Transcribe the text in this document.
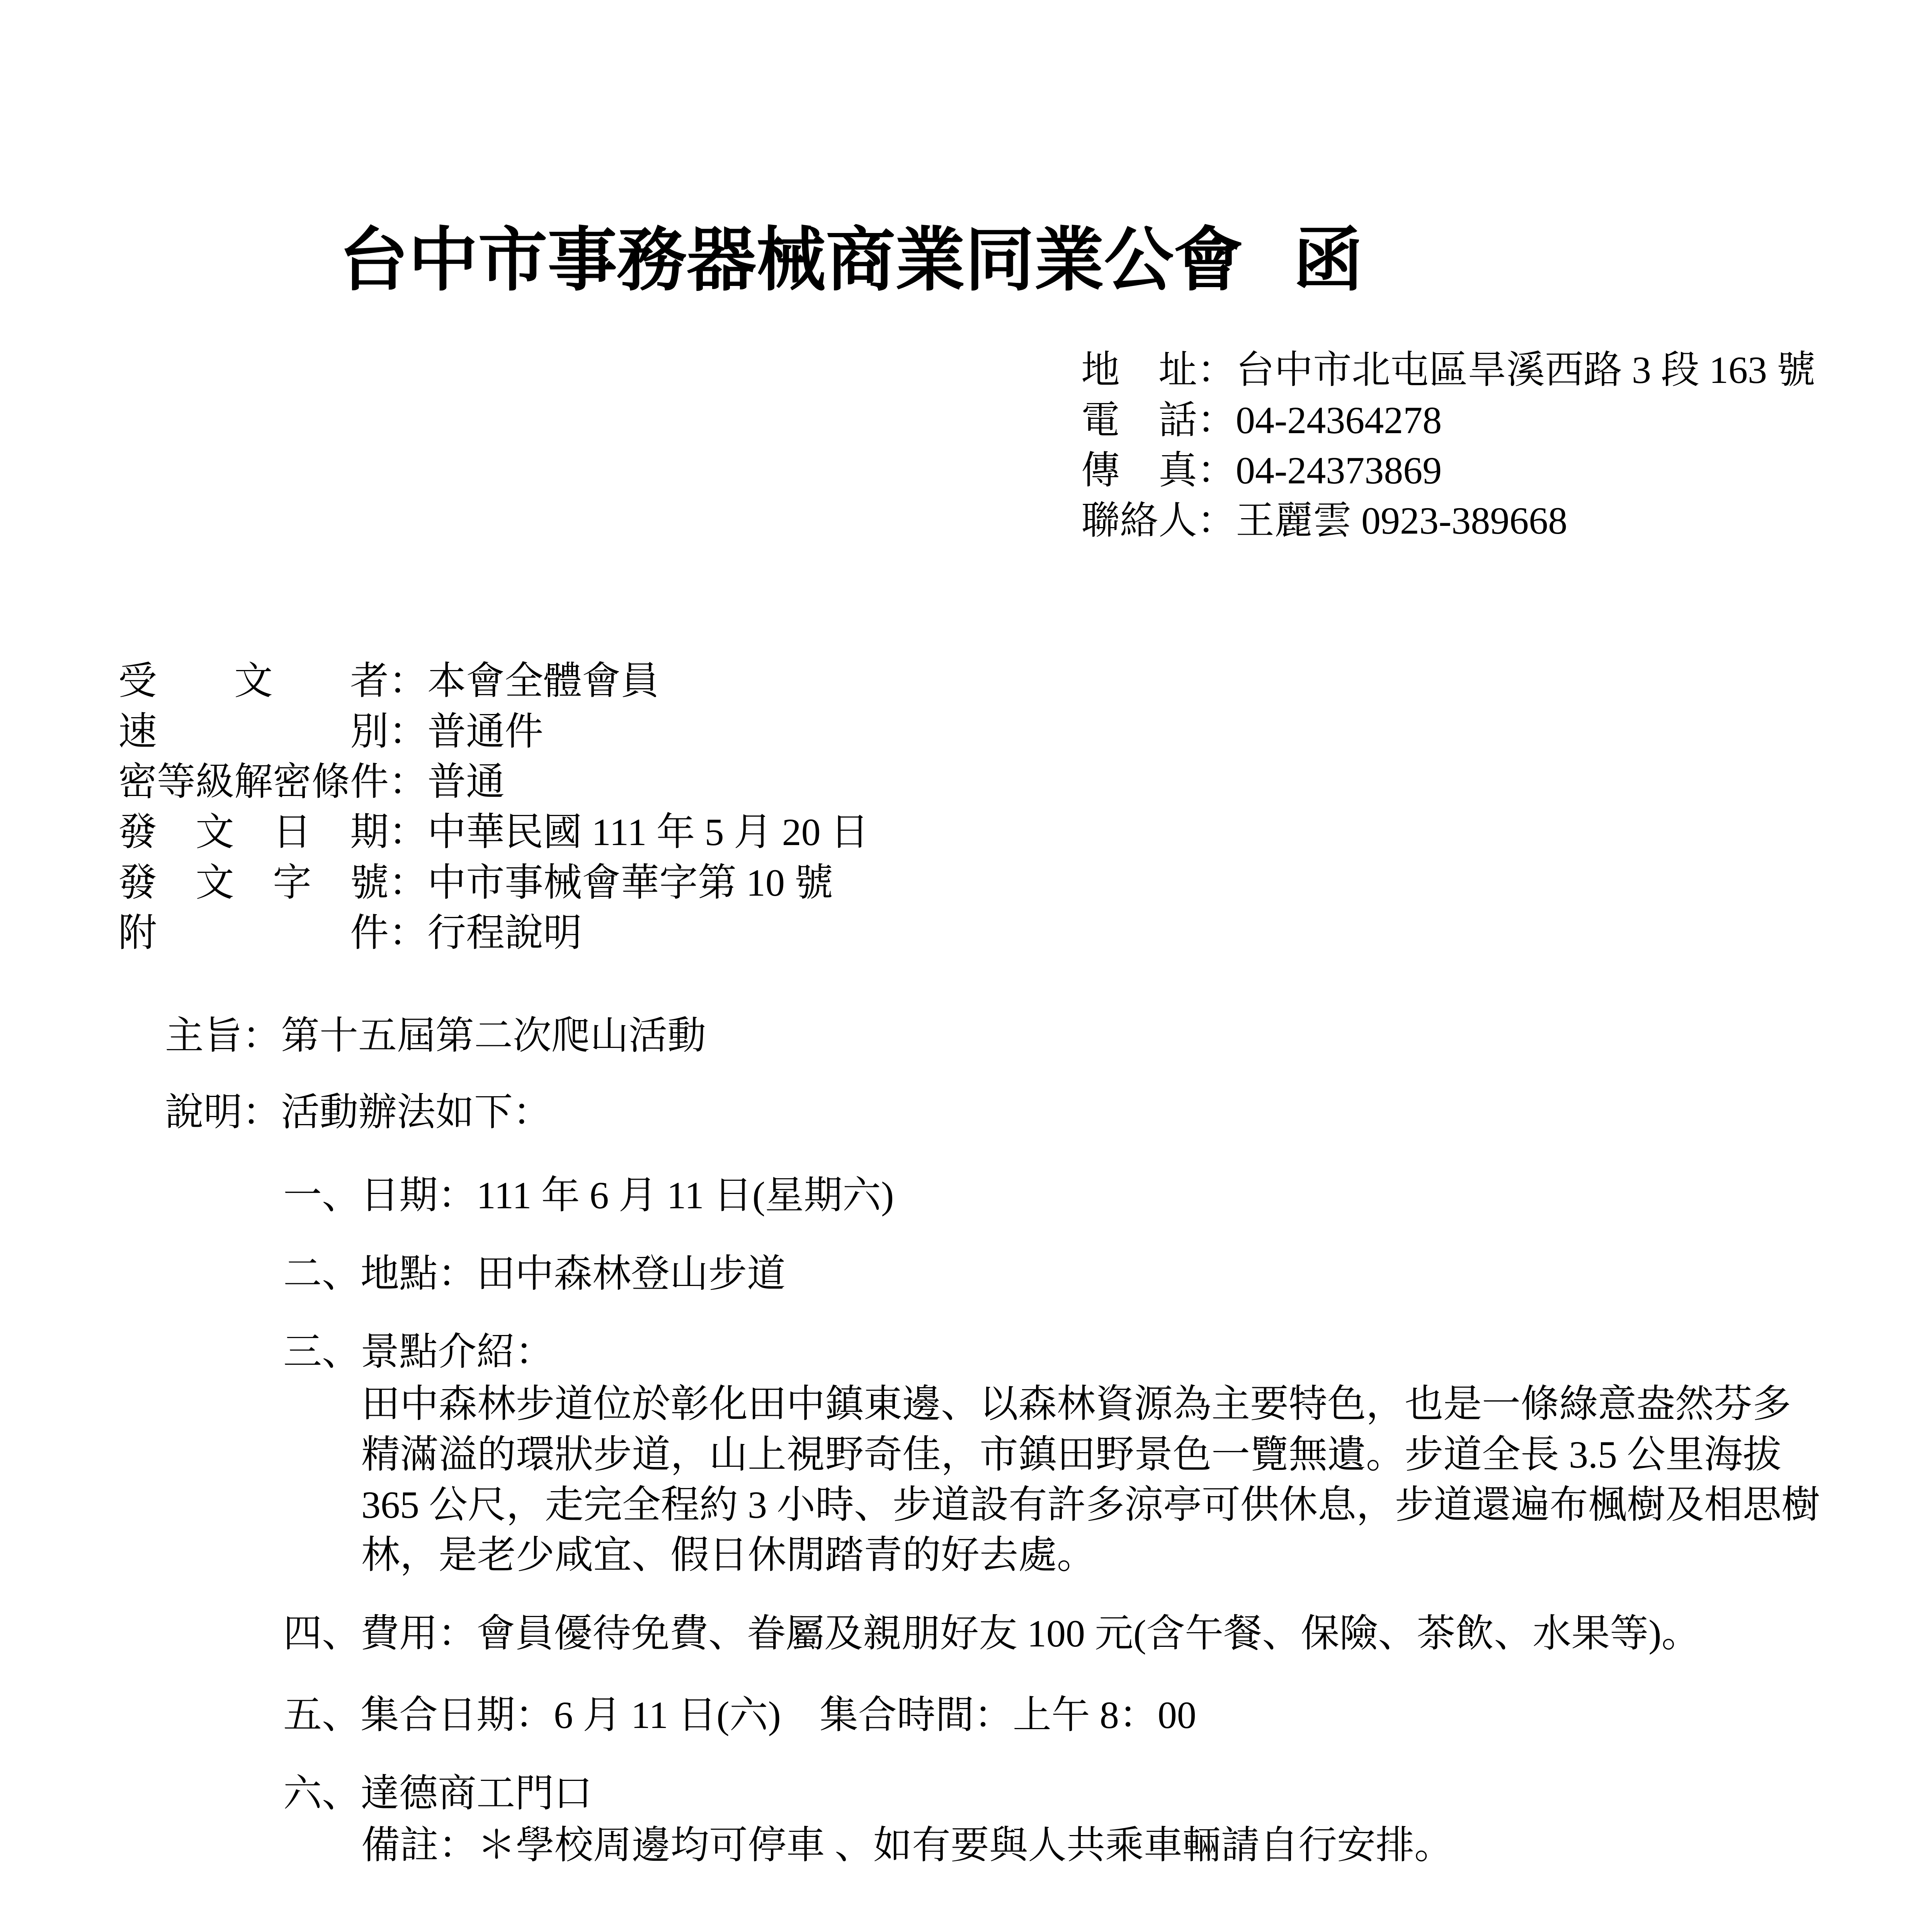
台中市事務器械商業同業公會 函
地　址：台中市北屯區旱溪西路 3 段 163 號
電　話：04-24364278
傳　真：04-24373869
聯絡人：王麗雲 0923-389668
受　　文　　者：本會全體會員
速　　　　　別：普通件
密等級解密條件：普通
發　文　日　期：中華民國 111 年 5 月 20 日
發　文　字　號：中市事械會華字第 10 號
附　　　　　件：行程說明
主旨：第十五屆第二次爬山活動
說明：活動辦法如下：
一、日期：111 年 6 月 11 日(星期六)
二、地點：田中森林登山步道
三、景點介紹：
田中森林步道位於彰化田中鎮東邊、以森林資源為主要特色，也是一條綠意盎然芬多
精滿溢的環狀步道，山上視野奇佳，市鎮田野景色一覽無遺。步道全長 3.5 公里海拔
365 公尺，走完全程約 3 小時、步道設有許多涼亭可供休息，步道還遍布楓樹及相思樹
林，是老少咸宜、假日休閒踏青的好去處。
四、費用：會員優待免費、眷屬及親朋好友 100 元(含午餐、保險、茶飲、水果等)。
五、集合日期：6 月 11 日(六)　集合時間：上午 8：00
六、達德商工門口
備註：＊學校周邊均可停車 、如有要與人共乘車輛請自行安排。
